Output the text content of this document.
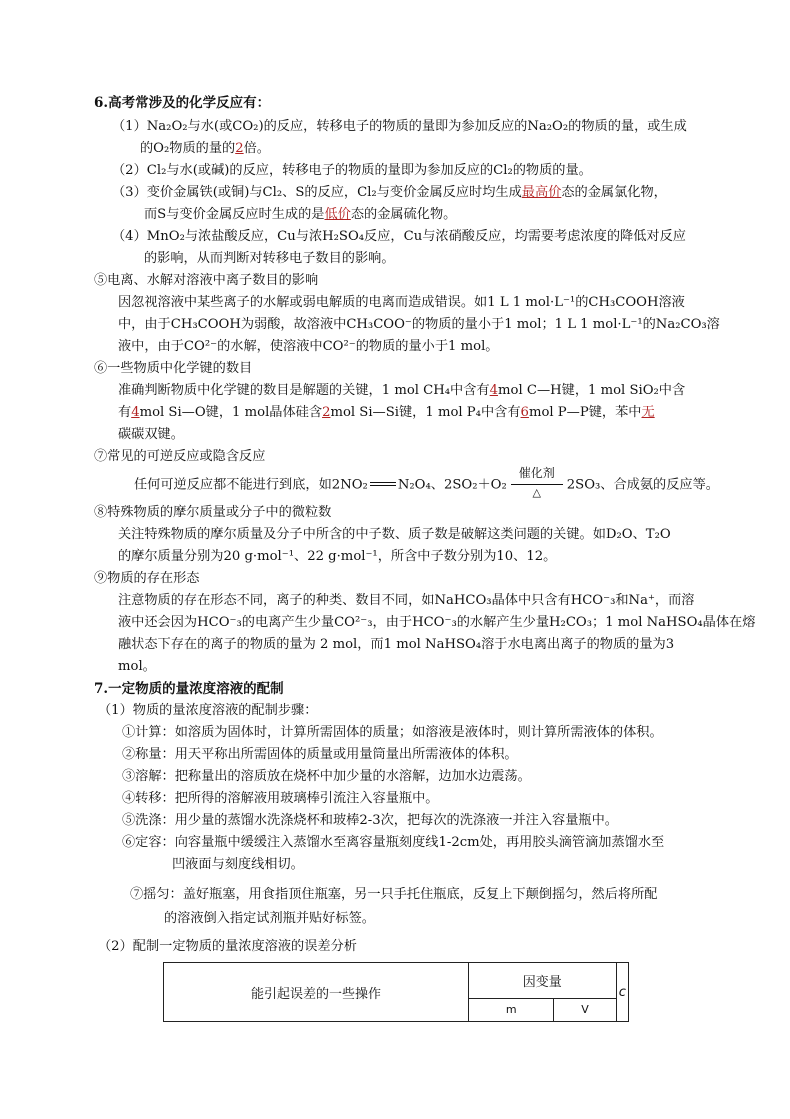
6.高考常涉及的化学反应有：
（1）Na₂O₂与水(或CO₂)的反应，转移电子的物质的量即为参加反应的Na₂O₂的物质的量，或生成
的O₂物质的量的2倍。
（2）Cl₂与水(或碱)的反应，转移电子的物质的量即为参加反应的Cl₂的物质的量。
（3）变价金属铁(或铜)与Cl₂、S的反应，Cl₂与变价金属反应时均生成最高价态的金属氯化物，
而S与变价金属反应时生成的是低价态的金属硫化物。
（4）MnO₂与浓盐酸反应，Cu与浓H₂SO₄反应，Cu与浓硝酸反应，均需要考虑浓度的降低对反应
的影响，从而判断对转移电子数目的影响。
⑤电离、水解对溶液中离子数目的影响
因忽视溶液中某些离子的水解或弱电解质的电离而造成错误。如1 L 1 mol·L⁻¹的CH₃COOH溶液
中，由于CH₃COOH为弱酸，故溶液中CH₃COO⁻的物质的量小于1 mol；1 L 1 mol·L⁻¹的Na₂CO₃溶
液中，由于CO²⁻的水解，使溶液中CO²⁻的物质的量小于1 mol。
⑥一些物质中化学键的数目
准确判断物质中化学键的数目是解题的关键，1 mol CH₄中含有4mol C—H键，1 mol SiO₂中含
有4mol Si—O键，1 mol晶体硅含2mol Si—Si键，1 mol P₄中含有6mol P—P键，苯中无
碳碳双键。
⑦常见的可逆反应或隐含反应
任何可逆反应都不能进行到底，如2NO₂ N₂O₄、2SO₂＋O₂
催化剂
△	2SO₃、合成氨的反应等。
⑧特殊物质的摩尔质量或分子中的微粒数
关注特殊物质的摩尔质量及分子中所含的中子数、质子数是破解这类问题的关键。如D₂O、T₂O
的摩尔质量分别为20 g·mol⁻¹、22 g·mol⁻¹，所含中子数分别为10、12。
⑨物质的存在形态
注意物质的存在形态不同，离子的种类、数目不同，如NaHCO₃晶体中只含有HCO⁻₃和Na⁺，而溶
液中还会因为HCO⁻₃的电离产生少量CO²⁻₃，由于HCO⁻₃的水解产生少量H₂CO₃；1 mol NaHSO₄晶体在熔
融状态下存在的离子的物质的量为 2 mol，而1 mol NaHSO₄溶于水电离出离子的物质的量为3
mol。
7.一定物质的量浓度溶液的配制
（1）物质的量浓度溶液的配制步骤：
①计算：如溶质为固体时，计算所需固体的质量；如溶液是液体时，则计算所需液体的体积。
②称量：用天平称出所需固体的质量或用量筒量出所需液体的体积。
③溶解：把称量出的溶质放在烧杯中加少量的水溶解，边加水边震荡。
④转移：把所得的溶解液用玻璃棒引流注入容量瓶中。
⑤洗涤：用少量的蒸馏水洗涤烧杯和玻棒2-3次，把每次的洗涤液一并注入容量瓶中。
⑥定容：向容量瓶中缓缓注入蒸馏水至离容量瓶刻度线1-2cm处，再用胶头滴管滴加蒸馏水至
凹液面与刻度线相切。
⑦摇匀：盖好瓶塞，用食指顶住瓶塞，另一只手托住瓶底，反复上下颠倒摇匀，然后将所配
的溶液倒入指定试剂瓶并贴好标签。
（2）配制一定物质的量浓度溶液的误差分析
能引起误差的一些操作	因变量		c
	m	V	
